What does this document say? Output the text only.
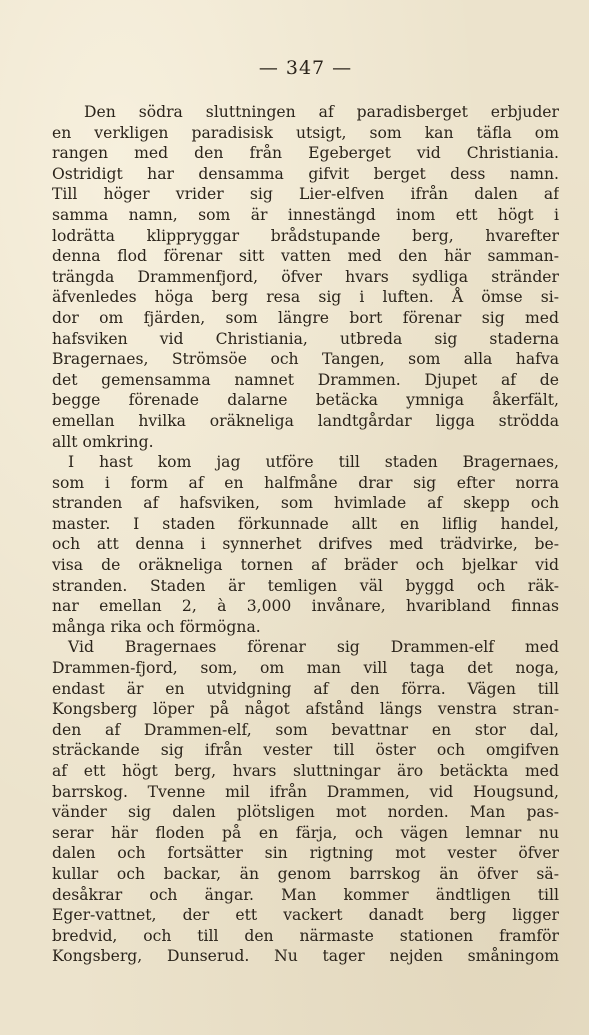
— 347 —
Den södra sluttningen af paradisberget erbjuder
en verkligen paradisisk utsigt, som kan täfla om
rangen med den från Egeberget vid Christiania.
Ostridigt har densamma gifvit berget dess namn.
Till höger vrider sig Lier-elfven ifrån dalen af
samma namn, som är innestängd inom ett högt i
lodrätta klippryggar brådstupande berg, hvarefter
denna flod förenar sitt vatten med den här samman-
trängda Drammenfjord, öfver hvars sydliga stränder
äfvenledes höga berg resa sig i luften. Å ömse si-
dor om fjärden, som längre bort förenar sig med
hafsviken vid Christiania, utbreda sig staderna
Bragernaes, Strömsöe och Tangen, som alla hafva
det gemensamma namnet Drammen. Djupet af de
begge förenade dalarne betäcka ymniga åkerfält,
emellan hvilka oräkneliga landtgårdar ligga strödda
allt omkring.
I hast kom jag utföre till staden Bragernaes,
som i form af en halfmåne drar sig efter norra
stranden af hafsviken, som hvimlade af skepp och
master. I staden förkunnade allt en liflig handel,
och att denna i synnerhet drifves med trädvirke, be-
visa de oräkneliga tornen af bräder och bjelkar vid
stranden. Staden är temligen väl byggd och räk-
nar emellan 2, à 3,000 invånare, hvaribland finnas
många rika och förmögna.
Vid Bragernaes förenar sig Drammen-elf med
Drammen-fjord, som, om man vill taga det noga,
endast är en utvidgning af den förra. Vägen till
Kongsberg löper på något afstånd längs venstra stran-
den af Drammen-elf, som bevattnar en stor dal,
sträckande sig ifrån vester till öster och omgifven
af ett högt berg, hvars sluttningar äro betäckta med
barrskog. Tvenne mil ifrån Drammen, vid Hougsund,
vänder sig dalen plötsligen mot norden. Man pas-
serar här floden på en färja, och vägen lemnar nu
dalen och fortsätter sin rigtning mot vester öfver
kullar och backar, än genom barrskog än öfver sä-
desåkrar och ängar. Man kommer ändtligen till
Eger-vattnet, der ett vackert danadt berg ligger
bredvid, och till den närmaste stationen framför
Kongsberg, Dunserud. Nu tager nejden småningom
